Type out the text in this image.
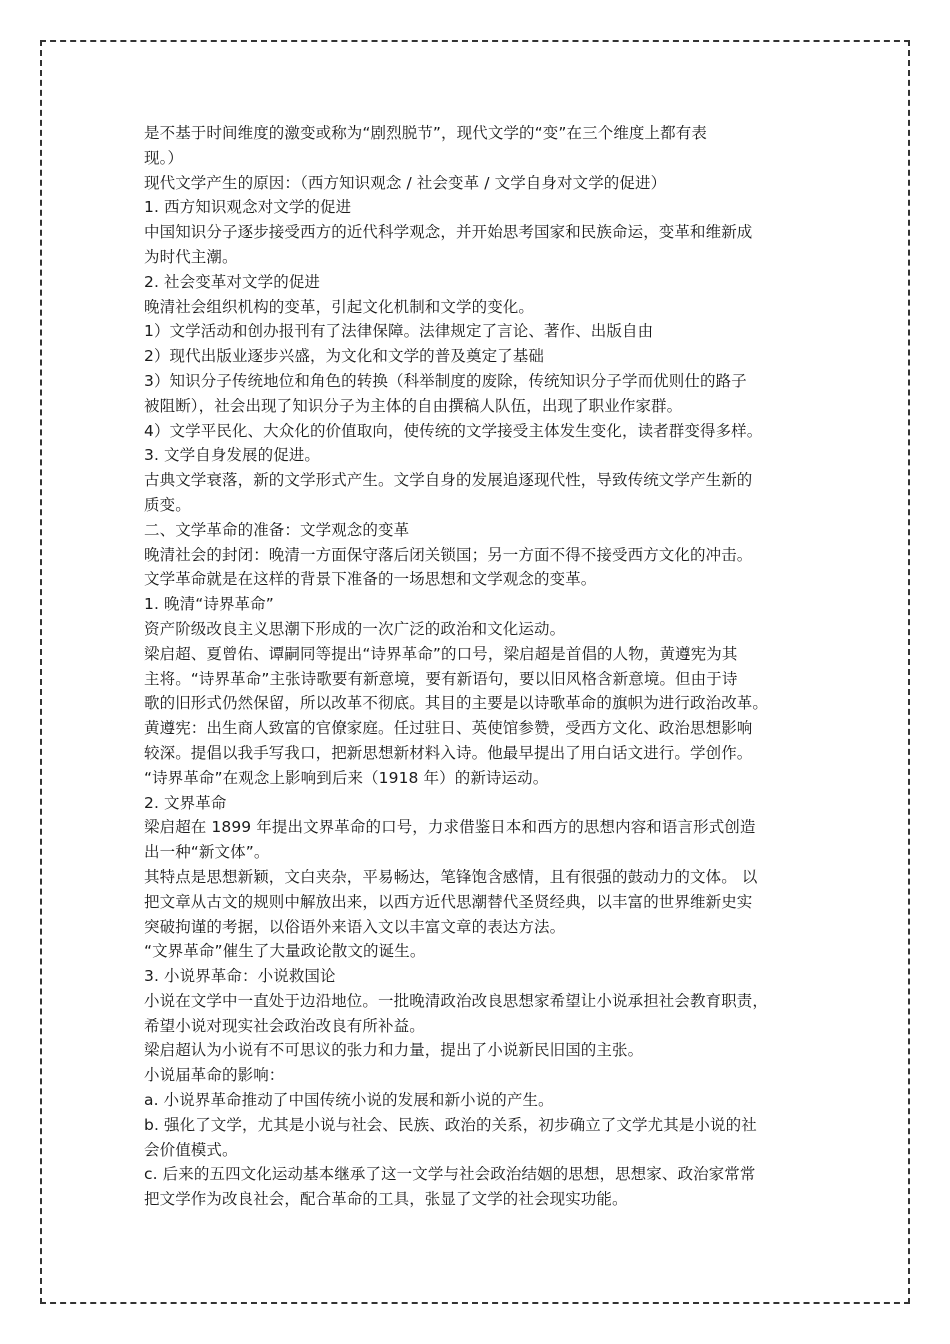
是不基于时间维度的激变或称为“剧烈脱节”，现代文学的“变”在三个维度上都有表
现。）
现代文学产生的原因：（西方知识观念 / 社会变革 / 文学自身对文学的促进）
1. 西方知识观念对文学的促进
中国知识分子逐步接受西方的近代科学观念，并开始思考国家和民族命运，变革和维新成
为时代主潮。
2. 社会变革对文学的促进
晚清社会组织机构的变革，引起文化机制和文学的变化。
1）文学活动和创办报刊有了法律保障。法律规定了言论、著作、出版自由
2）现代出版业逐步兴盛，为文化和文学的普及奠定了基础
3）知识分子传统地位和角色的转换（科举制度的废除，传统知识分子学而优则仕的路子
被阻断），社会出现了知识分子为主体的自由撰稿人队伍，出现了职业作家群。
4）文学平民化、大众化的价值取向，使传统的文学接受主体发生变化，读者群变得多样。
3. 文学自身发展的促进。
古典文学衰落，新的文学形式产生。文学自身的发展追逐现代性，导致传统文学产生新的
质变。
二、文学革命的准备：文学观念的变革
晚清社会的封闭：晚清一方面保守落后闭关锁国；另一方面不得不接受西方文化的冲击。
文学革命就是在这样的背景下准备的一场思想和文学观念的变革。
1. 晚清“诗界革命”
资产阶级改良主义思潮下形成的一次广泛的政治和文化运动。
梁启超、夏曾佑、谭嗣同等提出“诗界革命”的口号，梁启超是首倡的人物，黄遵宪为其
主将。“诗界革命”主张诗歌要有新意境，要有新语句，要以旧风格含新意境。但由于诗
歌的旧形式仍然保留，所以改革不彻底。其目的主要是以诗歌革命的旗帜为进行政治改革。
黄遵宪：出生商人致富的官僚家庭。任过驻日、英使馆参赞，受西方文化、政治思想影响
较深。提倡以我手写我口，把新思想新材料入诗。他最早提出了用白话文进行。学创作。
“诗界革命”在观念上影响到后来（1918 年）的新诗运动。
2. 文界革命
梁启超在 1899 年提出文界革命的口号，力求借鉴日本和西方的思想内容和语言形式创造
出一种“新文体”。
其特点是思想新颖，文白夹杂，平易畅达，笔锋饱含感情，且有很强的鼓动力的文体。 以
把文章从古文的规则中解放出来，以西方近代思潮替代圣贤经典，以丰富的世界维新史实
突破拘谨的考据，以俗语外来语入文以丰富文章的表达方法。
“文界革命”催生了大量政论散文的诞生。
3. 小说界革命：小说救国论
小说在文学中一直处于边沿地位。一批晚清政治改良思想家希望让小说承担社会教育职责，
希望小说对现实社会政治改良有所补益。
梁启超认为小说有不可思议的张力和力量，提出了小说新民旧国的主张。
小说届革命的影响：
a. 小说界革命推动了中国传统小说的发展和新小说的产生。
b. 强化了文学，尤其是小说与社会、民族、政治的关系，初步确立了文学尤其是小说的社
会价值模式。
c. 后来的五四文化运动基本继承了这一文学与社会政治结姻的思想，思想家、政治家常常
把文学作为改良社会，配合革命的工具，张显了文学的社会现实功能。
